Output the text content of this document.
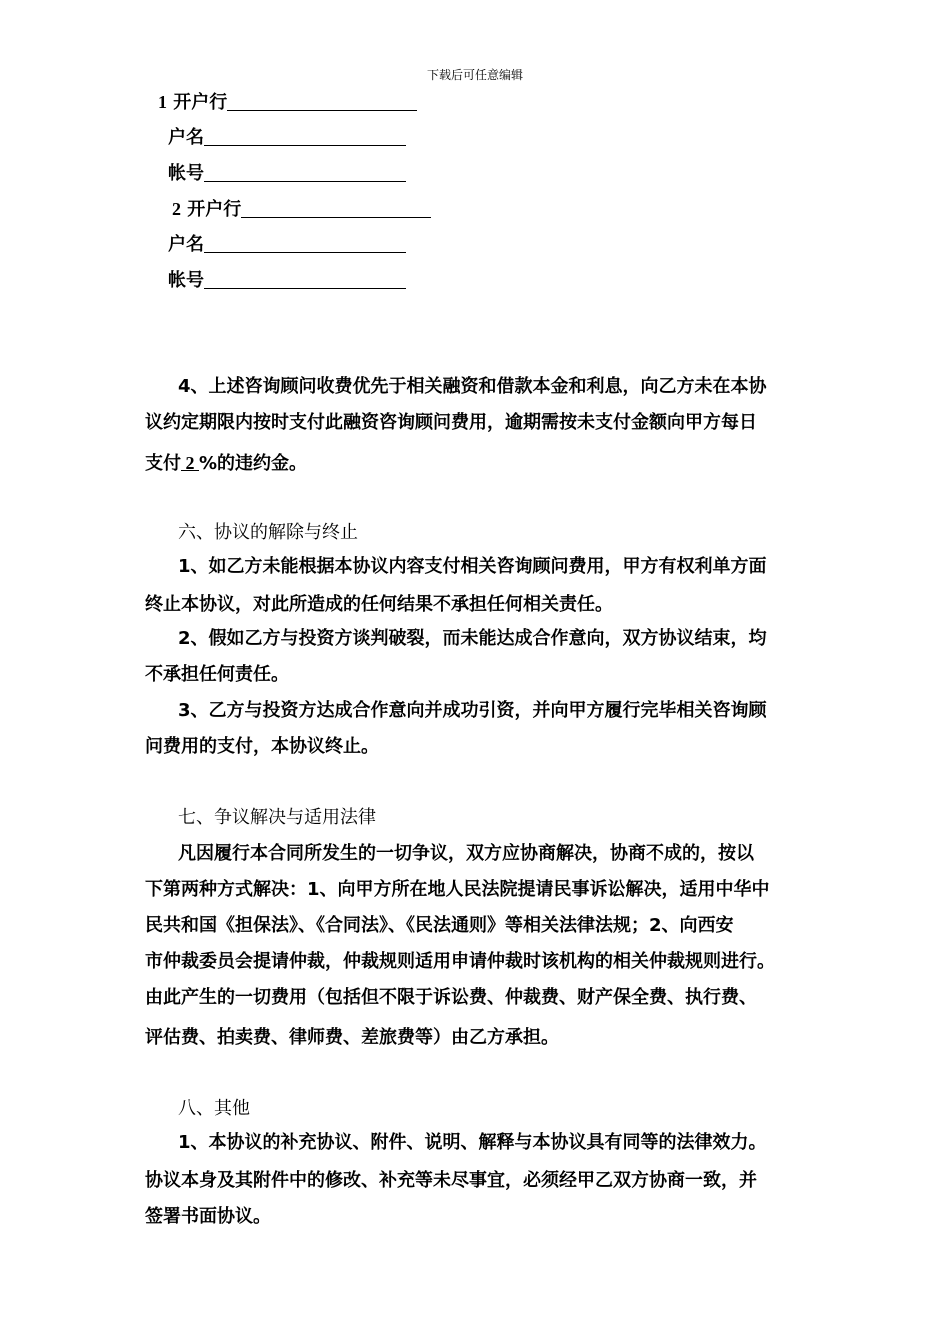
下载后可任意编辑
1 开户行
户名
帐号
2 开户行
户名
帐号
4、上述咨询顾问收费优先于相关融资和借款本金和利息，向乙方未在本协
议约定期限内按时支付此融资咨询顾问费用，逾期需按未支付金额向甲方每日
支付 2 %的违约金。
六、协议的解除与终止
1、如乙方未能根据本协议内容支付相关咨询顾问费用，甲方有权利单方面
终止本协议，对此所造成的任何结果不承担任何相关责任。
2、假如乙方与投资方谈判破裂，而未能达成合作意向，双方协议结束，均
不承担任何责任。
3、乙方与投资方达成合作意向并成功引资，并向甲方履行完毕相关咨询顾
问费用的支付，本协议终止。
七、争议解决与适用法律
凡因履行本合同所发生的一切争议，双方应协商解决，协商不成的，按以
下第两种方式解决：1、向甲方所在地人民法院提请民事诉讼解决，适用中华中
民共和国《担保法》、《合同法》、《民法通则》等相关法律法规；2、向西安
市仲裁委员会提请仲裁，仲裁规则适用申请仲裁时该机构的相关仲裁规则进行。
由此产生的一切费用（包括但不限于诉讼费、仲裁费、财产保全费、执行费、
评估费、拍卖费、律师费、差旅费等）由乙方承担。
八、其他
1、本协议的补充协议、附件、说明、解释与本协议具有同等的法律效力。
协议本身及其附件中的修改、补充等未尽事宜，必须经甲乙双方协商一致，并
签署书面协议。
